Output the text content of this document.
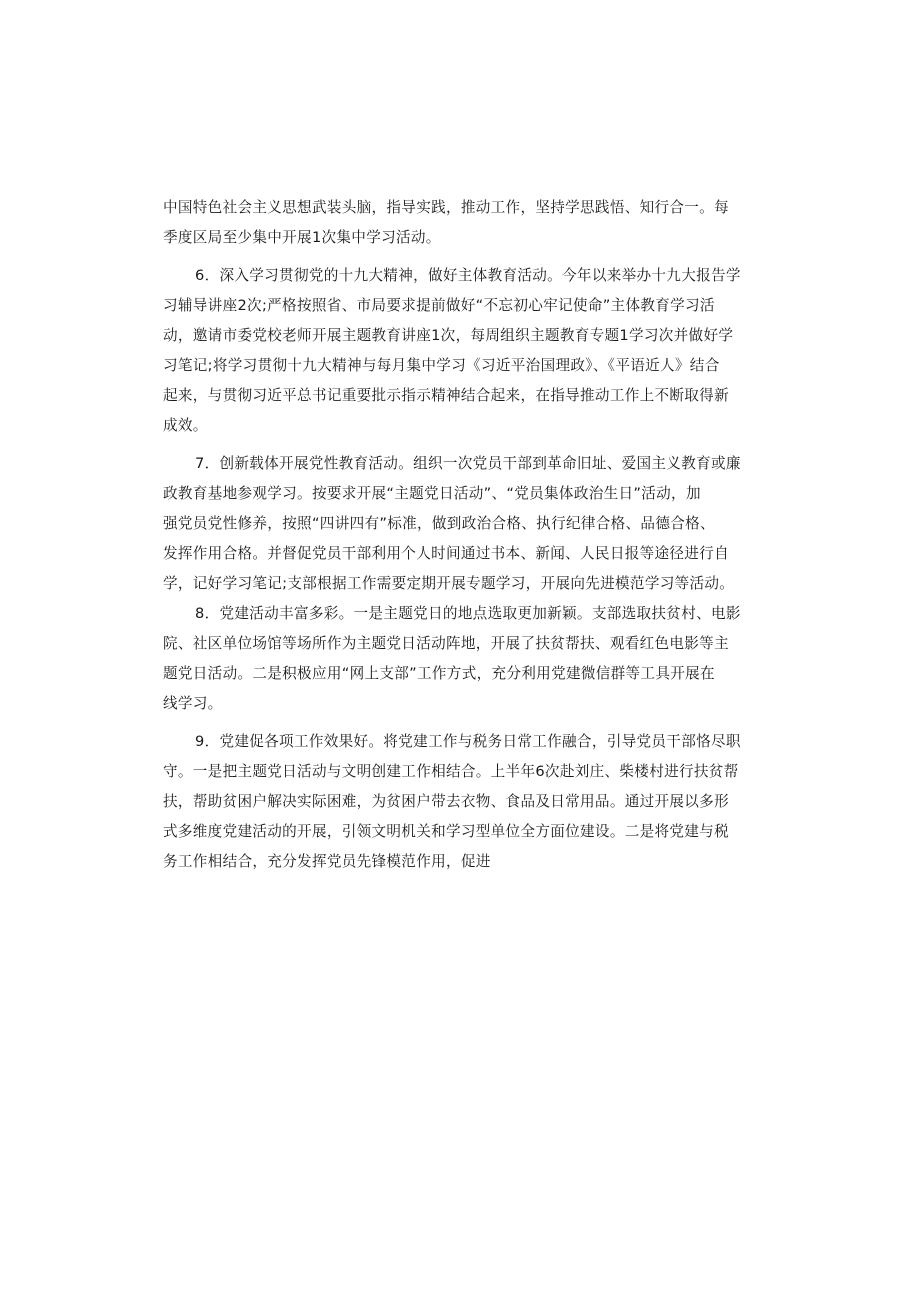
中国特色社会主义思想武装头脑，指导实践，推动工作，坚持学思践悟、知行合一。每

季度区局至少集中开展1次集中学习活动。

6．深入学习贯彻党的十九大精神，做好主体教育活动。今年以来举办十九大报告学

习辅导讲座2次;严格按照省、市局要求提前做好“不忘初心牢记使命”主体教育学习活

动，邀请市委党校老师开展主题教育讲座1次，每周组织主题教育专题1学习次并做好学

习笔记;将学习贯彻十九大精神与每月集中学习《习近平治国理政》、《平语近人》结合

起来，与贯彻习近平总书记重要批示指示精神结合起来，在指导推动工作上不断取得新

成效。

7．创新载体开展党性教育活动。组织一次党员干部到革命旧址、爱国主义教育或廉

政教育基地参观学习。按要求开展“主题党日活动”、“党员集体政治生日”活动，加

强党员党性修养，按照“四讲四有”标准，做到政治合格、执行纪律合格、品德合格、

发挥作用合格。并督促党员干部利用个人时间通过书本、新闻、人民日报等途径进行自

学，记好学习笔记;支部根据工作需要定期开展专题学习，开展向先进模范学习等活动。

8．党建活动丰富多彩。一是主题党日的地点选取更加新颖。支部选取扶贫村、电影

院、社区单位场馆等场所作为主题党日活动阵地，开展了扶贫帮扶、观看红色电影等主

题党日活动。二是积极应用“网上支部”工作方式，充分利用党建微信群等工具开展在

线学习。

9．党建促各项工作效果好。将党建工作与税务日常工作融合，引导党员干部恪尽职

守。一是把主题党日活动与文明创建工作相结合。上半年6次赴刘庄、柴楼村进行扶贫帮

扶，帮助贫困户解决实际困难，为贫困户带去衣物、食品及日常用品。通过开展以多形

式多维度党建活动的开展，引领文明机关和学习型单位全方面位建设。二是将党建与税

务工作相结合，充分发挥党员先锋模范作用，促进
